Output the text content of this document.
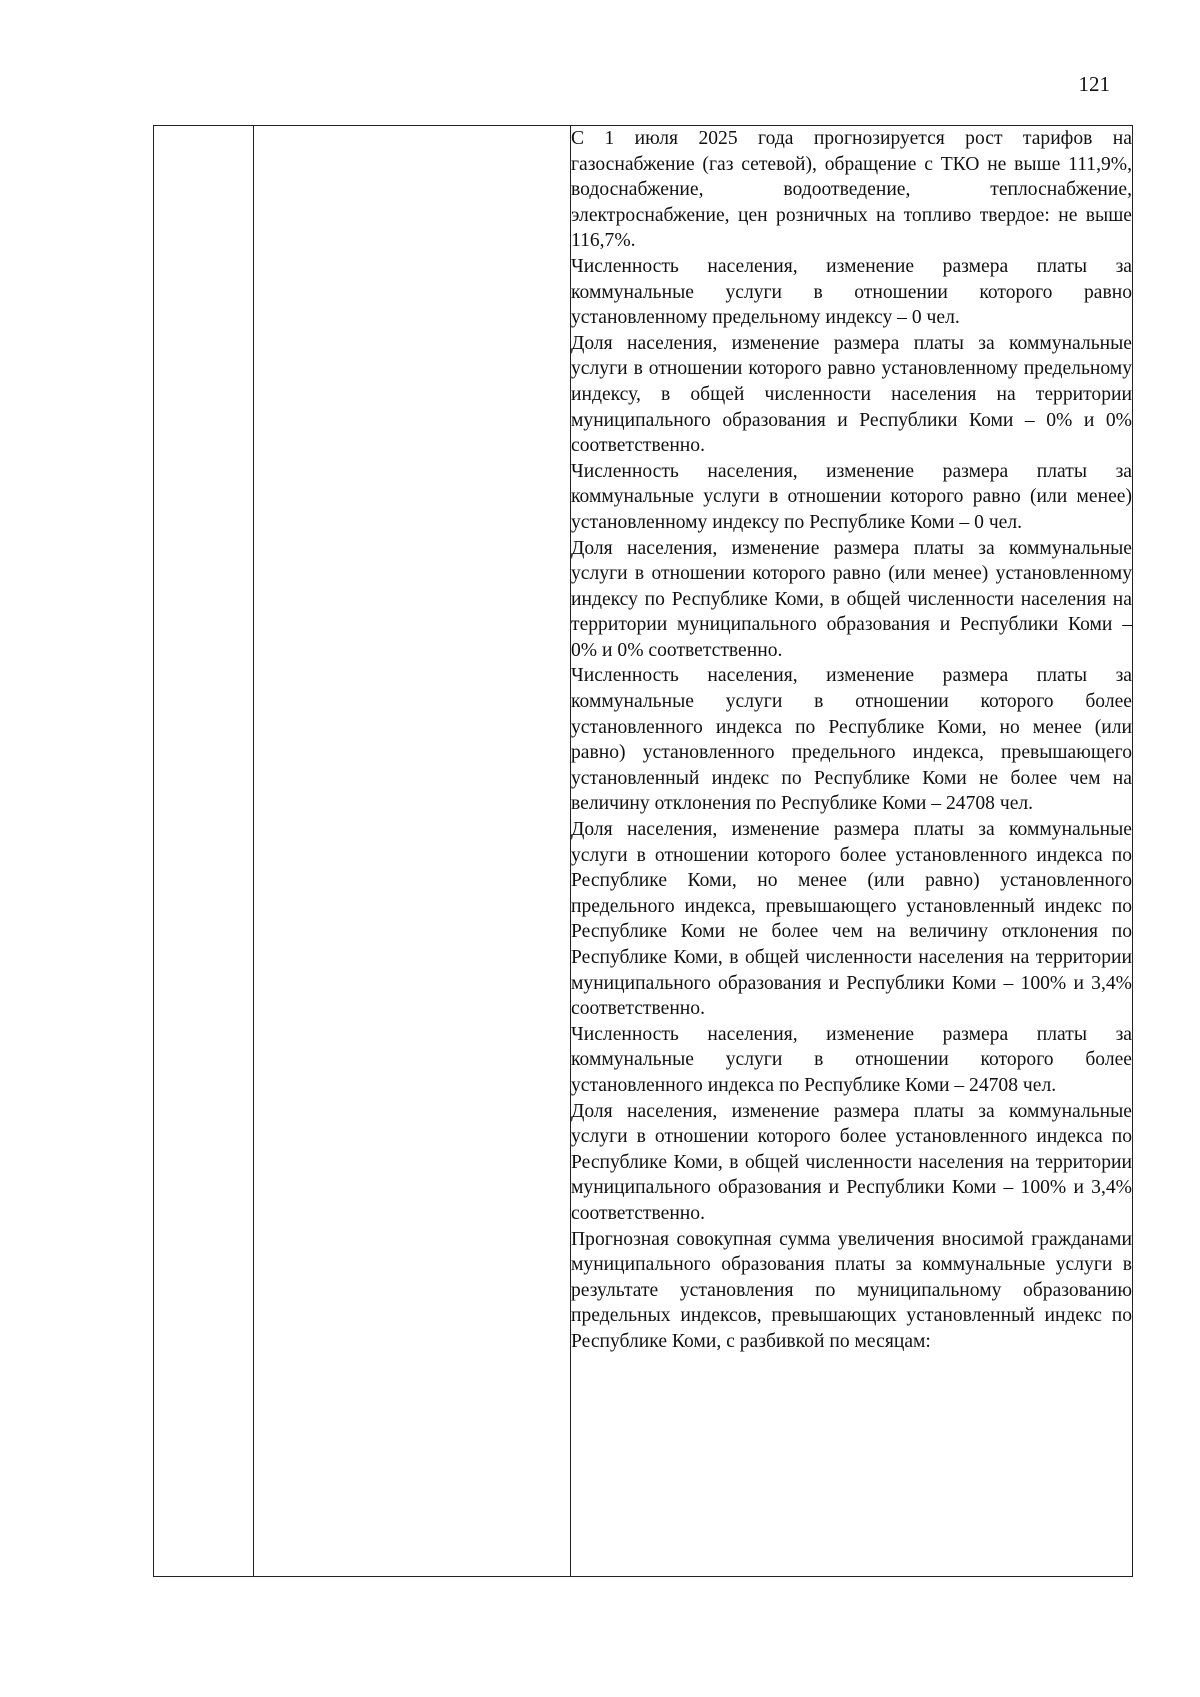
121

С 1 июля 2025 года прогнозируется рост тарифов на газоснабжение (газ сетевой), обращение с ТКО не выше 111,9%, водоснабжение, водоотведение, теплоснабжение, электроснабжение, цен розничных на топливо твердое: не выше 116,7%.

Численность населения, изменение размера платы за коммунальные услуги в отношении которого равно установленному предельному индексу – 0 чел.

Доля населения, изменение размера платы за коммунальные услуги в отношении которого равно установленному предельному индексу, в общей численности населения на территории муниципального образования и Республики Коми – 0% и 0% соответственно.

Численность населения, изменение размера платы за коммунальные услуги в отношении которого равно (или менее) установленному индексу по Республике Коми – 0 чел.

Доля населения, изменение размера платы за коммунальные услуги в отношении которого равно (или менее) установленному индексу по Республике Коми, в общей численности населения на территории муниципального образования и Республики Коми – 0% и 0% соответственно.

Численность населения, изменение размера платы за коммунальные услуги в отношении которого более установленного индекса по Республике Коми, но менее (или равно) установленного предельного индекса, превышающего установленный индекс по Республике Коми не более чем на величину отклонения по Республике Коми – 24708 чел.

Доля населения, изменение размера платы за коммунальные услуги в отношении которого более установленного индекса по Республике Коми, но менее (или равно) установленного предельного индекса, превышающего установленный индекс по Республике Коми не более чем на величину отклонения по Республике Коми, в общей численности населения на территории муниципального образования и Республики Коми – 100% и 3,4% соответственно.

Численность населения, изменение размера платы за коммунальные услуги в отношении которого более установленного индекса по Республике Коми – 24708 чел.

Доля населения, изменение размера платы за коммунальные услуги в отношении которого более установленного индекса по Республике Коми, в общей численности населения на территории муниципального образования и Республики Коми – 100% и 3,4% соответственно.

Прогнозная совокупная сумма увеличения вносимой гражданами муниципального образования платы за коммунальные услуги в результате установления по муниципальному образованию предельных индексов, превышающих установленный индекс по Республике Коми, с разбивкой по месяцам:
